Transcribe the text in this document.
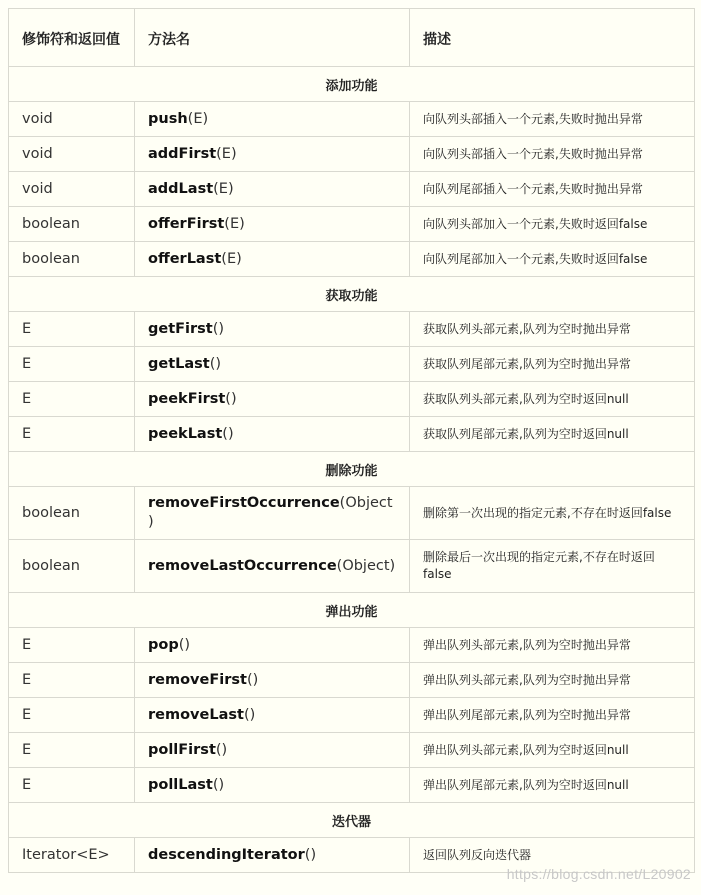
修饰符和返回值	方法名	描述
添加功能		
void	push(E)	向队列头部插入一个元素,失败时抛出异常
void	addFirst(E)	向队列头部插入一个元素,失败时抛出异常
void	addLast(E)	向队列尾部插入一个元素,失败时抛出异常
boolean	offerFirst(E)	向队列头部加入一个元素,失败时返回false
boolean	offerLast(E)	向队列尾部加入一个元素,失败时返回false
获取功能		
E	getFirst()	获取队列头部元素,队列为空时抛出异常
E	getLast()	获取队列尾部元素,队列为空时抛出异常
E	peekFirst()	获取队列头部元素,队列为空时返回null
E	peekLast()	获取队列尾部元素,队列为空时返回null
删除功能		
boolean	removeFirstOccurrence(Object)	删除第一次出现的指定元素,不存在时返回false
boolean	removeLastOccurrence(Object)	删除最后一次出现的指定元素,不存在时返回false
弹出功能		
E	pop()	弹出队列头部元素,队列为空时抛出异常
E	removeFirst()	弹出队列头部元素,队列为空时抛出异常
E	removeLast()	弹出队列尾部元素,队列为空时抛出异常
E	pollFirst()	弹出队列头部元素,队列为空时返回null
E	pollLast()	弹出队列尾部元素,队列为空时返回null
迭代器		
Iterator<E>	descendingIterator()	返回队列反向迭代器
https://blog.csdn.net/L20902
